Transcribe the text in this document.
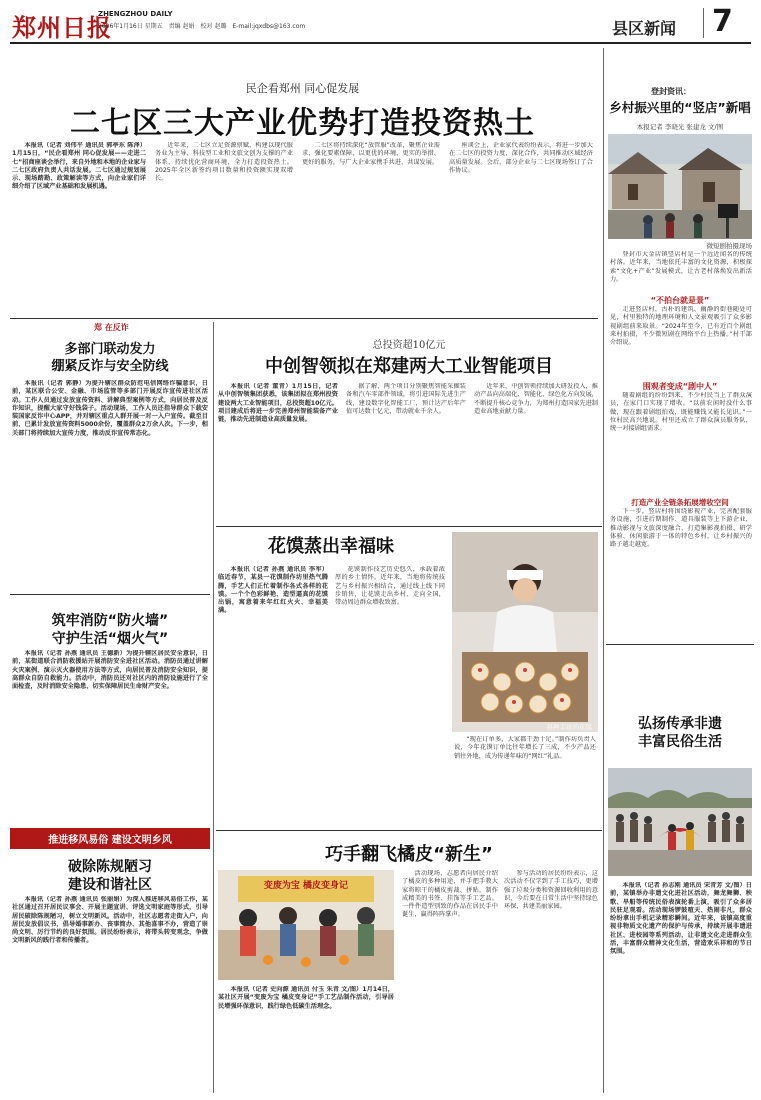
郑州日报
ZHENGZHOU DAILY
2026年1月16日 星期五　责编 赵娟　校对 赵璐　E-mail:jqxdbs@163.com	县区新闻 7
民企看郑州 同心促发展
二七区三大产业优势打造投资热土

本报讯（记者 刘伟平 通讯员 郭亭东 陈泽）1月15日，“民企看郑州 同心促发展——走进二七”招商座谈会举行，来自外地和本地的企业家与二七区政府负责人共话发展。二七区通过规划展示、现场踏勘、政策解读等方式，向企业家们详细介绍了区域产业基础和发展机遇。

近年来，二七区立足资源禀赋，构建以现代服务业为主导、科技型工业和文旅文创为支撑的产业体系，持续优化营商环境，全力打造投资热土。2025年全区新签约项目数量和投资额实现双增长。

二七区将持续深化“放管服”改革，聚焦企业需求，强化要素保障，以更优的环境、更实的举措、更好的服务，与广大企业家携手共进、共谋发展。

座谈会上，企业家代表纷纷表示，将进一步加大在二七区的投资力度，深化合作，共同推动区域经济高质量发展。会后，部分企业与二七区现场签订了合作协议。

登封资讯：
乡村振兴里的“竖店”新唱
本报记者 李晓光 张建龙 文/图
微短剧拍摄现场

登封市大金店镇竖店村是一个远近闻名的传统村落。近年来，当地依托丰富的文化资源，积极探索“文化+产业”发展模式，让古老村落焕发出新活力。

“不拍台就是景”

走进竖店村，古朴的建筑、幽静的街巷随处可见，村里独特的地理环境和人文景观吸引了众多影视剧组前来取景。“2024年至今，已有近百个剧组来村拍摄，不少微短剧在网络平台上热播。”村干部介绍说。

围观者变成“剧中人”

随着剧组的纷纷到来，不少村民当上了群众演员，在家门口实现了增收。“以前农闲时没什么事做，现在跟着剧组拍戏，既能赚钱又能长见识。”一位村民高兴地说。村里还成立了群众演员服务队，统一对接剧组需求。

打造产业全链条拓展增收空间

下一步，竖店村将围绕影视产业，完善配套服务设施，引进后期制作、道具服装等上下游企业，推动影视与文旅深度融合，打造集影视拍摄、研学体验、休闲旅游于一体的特色乡村，让乡村振兴的路子越走越宽。

弘扬传承非遗
丰富民俗生活

本报讯（记者 孙志刚 通讯员 宋青芳 文/图）日前，某镇举办非遗文化进社区活动，舞龙舞狮、秧歌、旱船等传统民俗表演轮番上演，吸引了众多居民驻足观看。活动现场锣鼓喧天、热闹非凡，群众纷纷拿出手机记录精彩瞬间。近年来，该镇高度重视非物质文化遗产的保护与传承，持续开展非遗进社区、进校园等系列活动，让非遗文化走进群众生活，丰富群众精神文化生活，营造欢乐祥和的节日氛围。

郑 在反诈
多部门联动发力
绷紧反诈与安全防线

本报讯（记者 郭静）为提升辖区群众防范电信网络诈骗意识，日前，某区联合公安、金融、市场监管等多部门开展反诈宣传进社区活动。工作人员通过发放宣传资料、讲解典型案例等方式，向居民普及反诈知识，提醒大家守好钱袋子。活动现场，工作人员还指导群众下载安装国家反诈中心APP，并对辖区重点人群开展一对一入户宣传。截至目前，已累计发放宣传资料5000余份，覆盖群众2万余人次。下一步，相关部门将持续加大宣传力度，推动反诈宣传常态化。

筑牢消防“防火墙”
守护生活“烟火气”

本报讯（记者 孙燕 通讯员 王德新）为提升辖区居民安全意识，日前，某街道联合消防救援站开展消防安全进社区活动。消防员通过讲解火灾案例、演示灭火器使用方法等方式，向居民普及消防安全知识，提高群众自防自救能力。活动中，消防员还对社区内的消防设施进行了全面检查，及时消除安全隐患，切实保障居民生命财产安全。

推进移风易俗 建设文明乡风
破除陈规陋习
建设和谐社区

本报讯（记者 孙燕 通讯员 张丽娟）为深入推进移风易俗工作，某社区通过召开居民议事会、开展主题宣讲、评选文明家庭等形式，引导居民破除陈规陋习，树立文明新风。活动中，社区志愿者走街入户，向居民发放倡议书，倡导婚事新办、丧事简办、其他喜事不办，营造了崇尚文明、厉行节约的良好氛围。居民纷纷表示，将带头转变观念，争做文明新风的践行者和传播者。

总投资超10亿元
中创智领拟在郑建两大工业智能项目

本报讯（记者 董青）1月15日，记者从中创智领集团获悉，该集团拟在郑州投资建设两大工业智能项目，总投资超10亿元。项目建成后将进一步完善郑州智能装备产业链，推动先进制造业高质量发展。

据了解，两个项目分别聚焦智能采掘装备和汽车零部件领域，将引进国际先进生产线，建设数字化智能工厂，预计达产后年产值可达数十亿元，带动就业千余人。

近年来，中创智领持续加大研发投入，推动产品向高端化、智能化、绿色化方向发展，不断提升核心竞争力，为郑州打造国家先进制造业高地贡献力量。

花馍蒸出幸福味

本报讯（记者 孙燕 通讯员 李军）临近春节，某县一花馍制作坊里热气腾腾，手艺人们正忙着制作各式各样的花馍。一个个色彩鲜艳、造型逼真的花馍出锅，寓意着来年红红火火、幸福美满。

花馍制作技艺历史悠久，承载着浓厚的乡土情怀。近年来，当地将传统技艺与乡村振兴相结合，通过线上线下同步销售，让花馍走出乡村、走向全国，带动周边群众增收致富。

“现在订单多，大家都干劲十足。”制作坊负责人说，今年花馍订单比往年增长了三成，不少产品还销往外地，成为传递年味的“网红”礼品。

县种丰富的花馍
巧手翻飞橘皮“新生”
变废为宝 橘皮变身记

本报讯（记者 史向源 通讯员 付玉 朱青 文/图）1月14日，某社区开展“变废为宝 橘皮变身记”手工艺品制作活动，引导居民增强环保意识，践行绿色低碳生活理念。

活动现场，志愿者向居民介绍了橘皮的多种用途，并手把手教大家将晾干的橘皮剪裁、拼贴，制作成精美的书签、挂饰等手工艺品。一件件造型别致的作品在居民手中诞生，赢得阵阵掌声。

参与活动的居民纷纷表示，这次活动不仅学到了手工技巧，更增强了垃圾分类和资源回收利用的意识，今后要在日常生活中坚持绿色环保，共建美丽家园。
